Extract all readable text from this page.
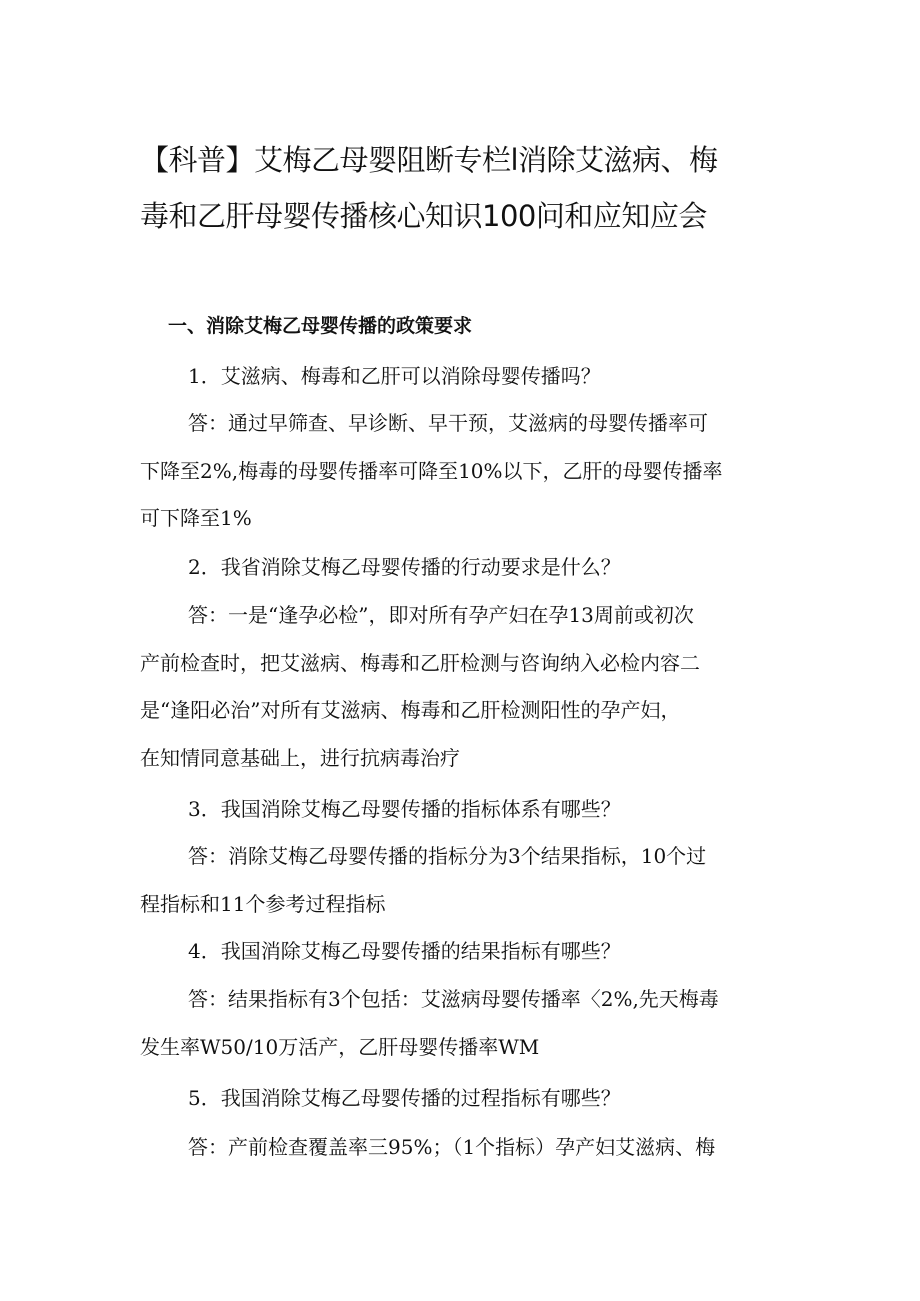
【科普】艾梅乙母婴阻断专栏l消除艾滋病、梅
毒和乙肝母婴传播核心知识100问和应知应会
一、消除艾梅乙母婴传播的政策要求

1．艾滋病、梅毒和乙肝可以消除母婴传播吗？

答：通过早筛查、早诊断、早干预，艾滋病的母婴传播率可
下降至2%,梅毒的母婴传播率可降至10%以下，乙肝的母婴传播率
可下降至1%

2．我省消除艾梅乙母婴传播的行动要求是什么？

答：一是“逢孕必检”，即对所有孕产妇在孕13周前或初次
产前检查时，把艾滋病、梅毒和乙肝检测与咨询纳入必检内容二
是“逢阳必治”对所有艾滋病、梅毒和乙肝检测阳性的孕产妇，
在知情同意基础上，进行抗病毒治疗

3．我国消除艾梅乙母婴传播的指标体系有哪些？

答：消除艾梅乙母婴传播的指标分为3个结果指标，10个过
程指标和11个参考过程指标

4．我国消除艾梅乙母婴传播的结果指标有哪些？

答：结果指标有3个包括：艾滋病母婴传播率〈2%,先天梅毒
发生率W50/10万活产，乙肝母婴传播率WM

5．我国消除艾梅乙母婴传播的过程指标有哪些？

答：产前检查覆盖率三95%；（1个指标）孕产妇艾滋病、梅
